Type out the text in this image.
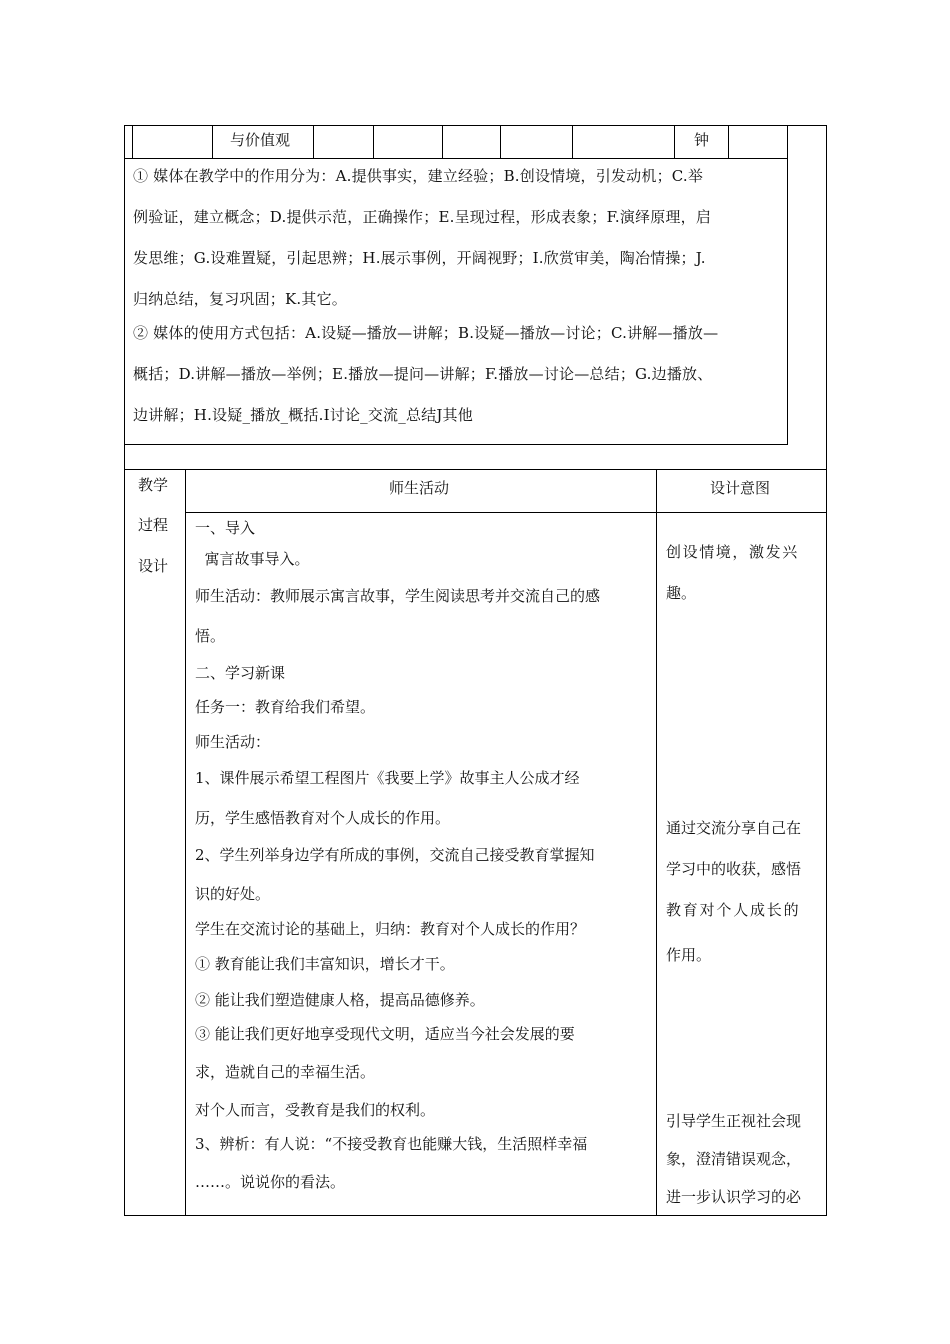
与价值观	钟
① 媒体在教学中的作用分为：A.提供事实，建立经验；B.创设情境，引发动机；C.举
例验证，建立概念；D.提供示范，正确操作；E.呈现过程，形成表象；F.演绎原理，启
发思维；G.设难置疑，引起思辨；H.展示事例，开阔视野；I.欣赏审美，陶冶情操；J.
归纳总结，复习巩固；K.其它。
② 媒体的使用方式包括：A.设疑—播放—讲解；B.设疑—播放—讨论；C.讲解—播放—
概括；D.讲解—播放—举例；E.播放—提问—讲解；F.播放—讨论—总结；G.边播放、
边讲解；H.设疑_播放_概括.I讨论_交流_总结J其他
教学
过程
设计
师生活动	设计意图
一、导入
寓言故事导入。
师生活动：教师展示寓言故事，学生阅读思考并交流自己的感
悟。
二、学习新课
任务一：教育给我们希望。
师生活动：
1、课件展示希望工程图片《我要上学》故事主人公成才经
历，学生感悟教育对个人成长的作用。
2、学生列举身边学有所成的事例，交流自己接受教育掌握知
识的好处。
学生在交流讨论的基础上，归纳：教育对个人成长的作用？
① 教育能让我们丰富知识，增长才干。
② 能让我们塑造健康人格，提高品德修养。
③ 能让我们更好地享受现代文明，适应当今社会发展的要
求，造就自己的幸福生活。
对个人而言，受教育是我们的权利。
3、辨析：有人说：“不接受教育也能赚大钱，生活照样幸福
……。说说你的看法。
创设情境，激发兴
趣。
通过交流分享自己在
学习中的收获，感悟
教育对个人成长的
作用。
引导学生正视社会现
象，澄清错误观念，
进一步认识学习的必
